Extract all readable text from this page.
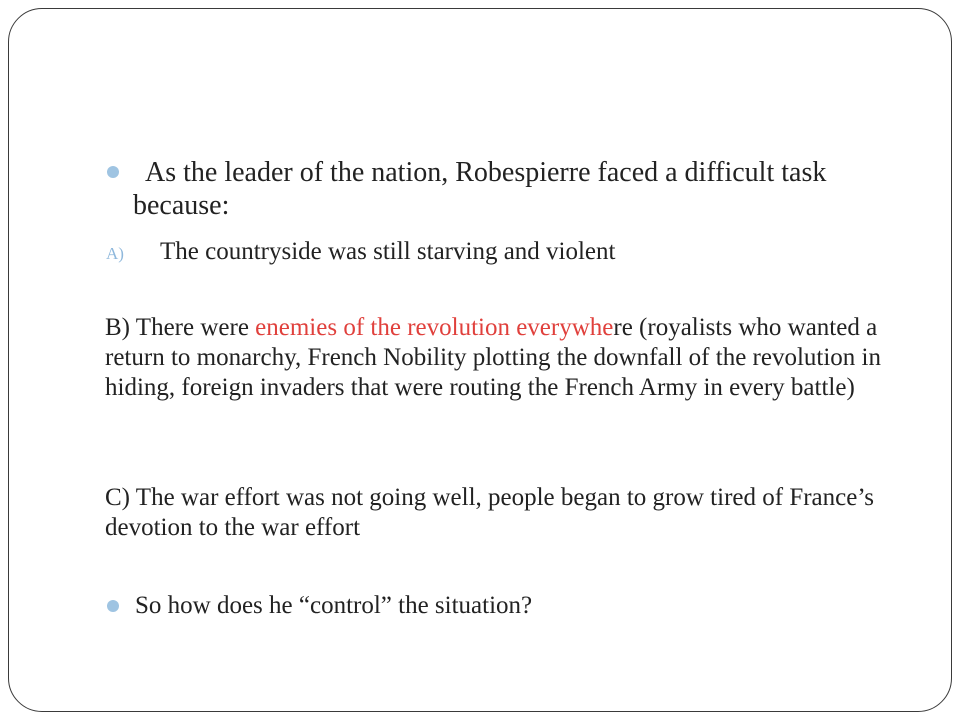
As the leader of the nation, Robespierre faced a difficult task because:

A) The countryside was still starving and violent

B) There were enemies of the revolution everywhere (royalists who wanted a return to monarchy, French Nobility plotting the downfall of the revolution in hiding, foreign invaders that were routing the French Army in every battle)

C) The war effort was not going well, people began to grow tired of France’s devotion to the war effort

So how does he “control” the situation?
